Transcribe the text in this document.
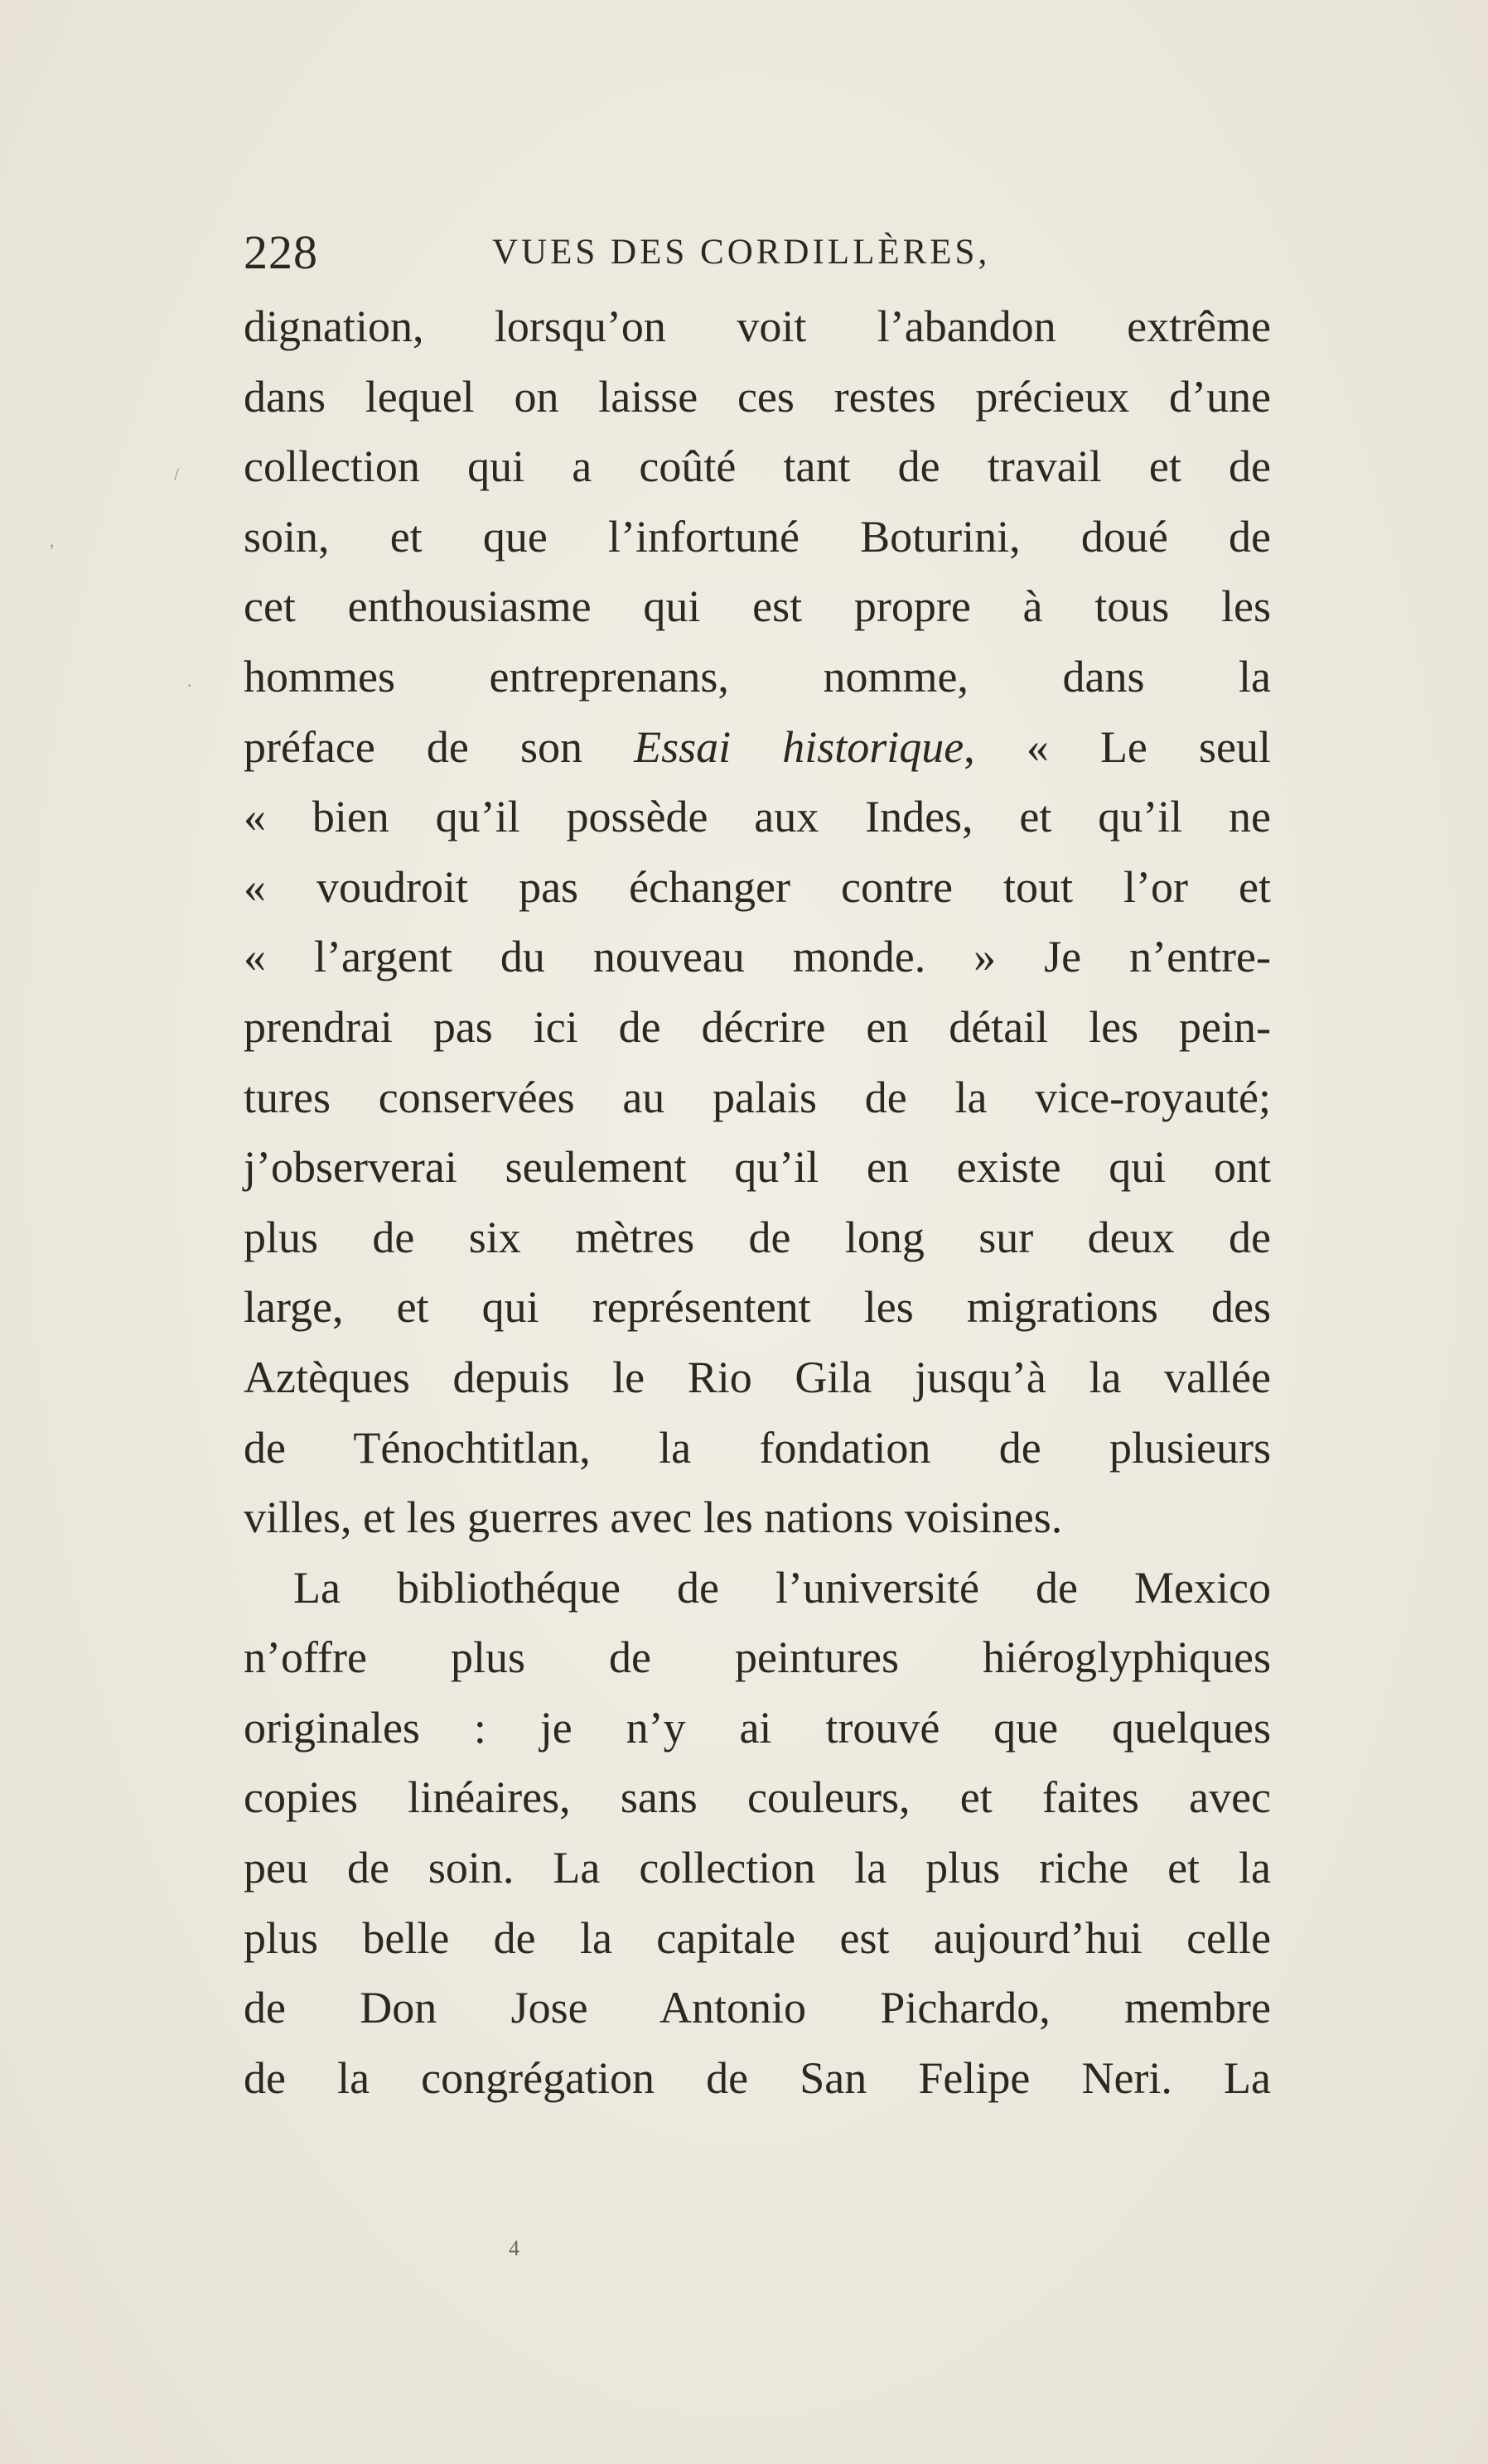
228	VUES DES CORDILLÈRES,
dignation, lorsqu’on voit l’abandon extrême
dans lequel on laisse ces restes précieux d’une
collection qui a coûté tant de travail et de
soin, et que l’infortuné Boturini, doué de
cet enthousiasme qui est propre à tous les
hommes entreprenans, nomme, dans la
préface de son Essai historique, « Le seul
« bien qu’il possède aux Indes, et qu’il ne
« voudroit pas échanger contre tout l’or et
« l’argent du nouveau monde. » Je n’entre-
prendrai pas ici de décrire en détail les pein-
tures conservées au palais de la vice-royauté;
j’observerai seulement qu’il en existe qui ont
plus de six mètres de long sur deux de
large, et qui représentent les migrations des
Aztèques depuis le Rio Gila jusqu’à la vallée
de Ténochtitlan, la fondation de plusieurs
villes, et les guerres avec les nations voisines.
La bibliothéque de l’université de Mexico
n’offre plus de peintures hiéroglyphiques
originales : je n’y ai trouvé que quelques
copies linéaires, sans couleurs, et faites avec
peu de soin. La collection la plus riche et la
plus belle de la capitale est aujourd’hui celle
de Don Jose Antonio Pichardo, membre
de la congrégation de San Felipe Neri. La
4
/
,
·
